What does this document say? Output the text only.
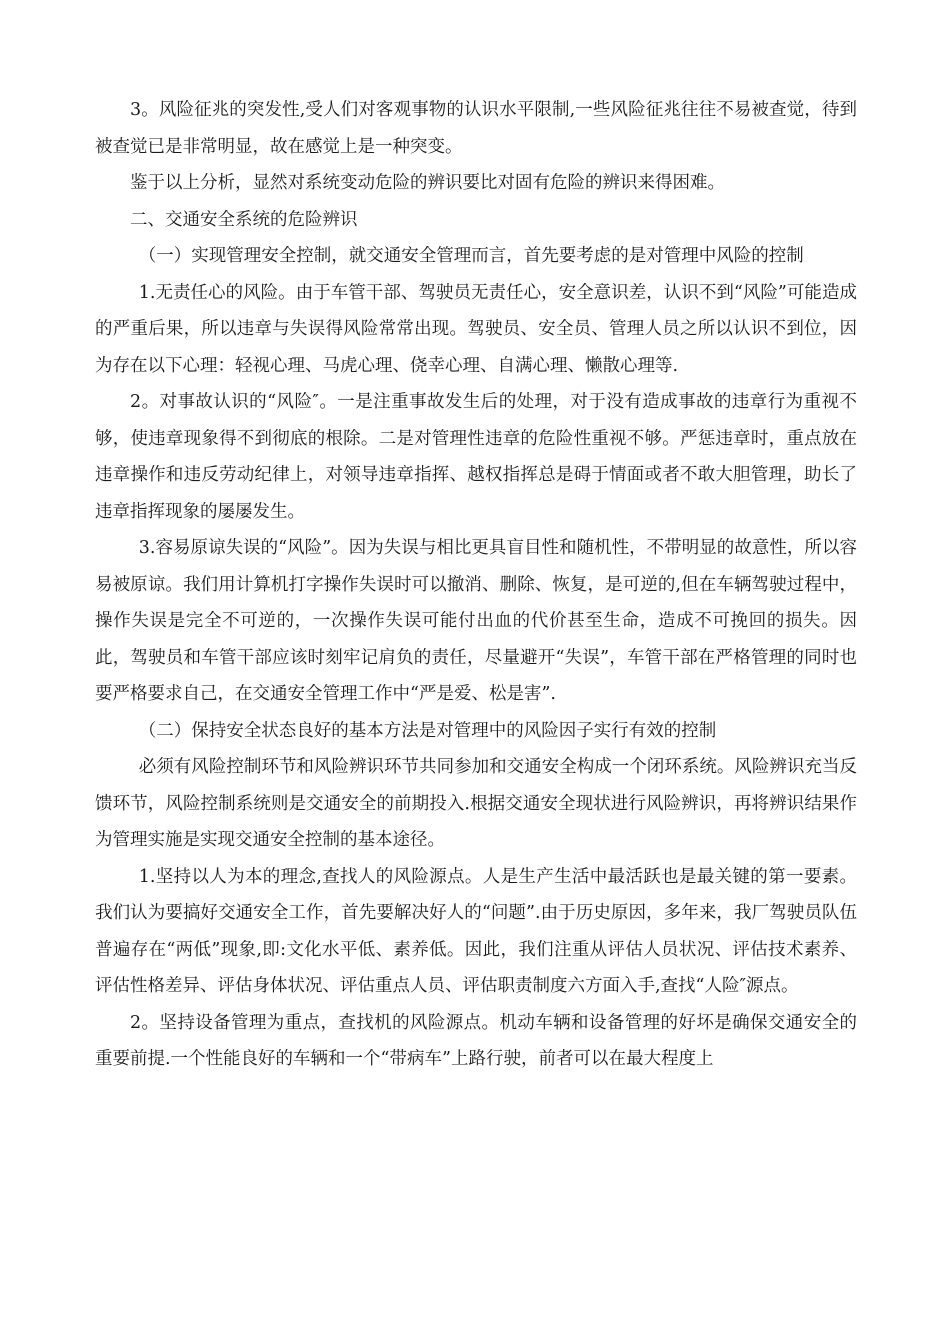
3。风险征兆的突发性,受人们对客观事物的认识水平限制,一些风险征兆往往不易被查觉，待到被查觉已是非常明显，故在感觉上是一种突变。

鉴于以上分析，显然对系统变动危险的辨识要比对固有危险的辨识来得困难。

二、交通安全系统的危险辨识

（一）实现管理安全控制，就交通安全管理而言，首先要考虑的是对管理中风险的控制

1.无责任心的风险。由于车管干部、驾驶员无责任心，安全意识差，认识不到“风险”可能造成的严重后果，所以违章与失误得风险常常出现。驾驶员、安全员、管理人员之所以认识不到位，因为存在以下心理：轻视心理、马虎心理、侥幸心理、自满心理、懒散心理等.

2。对事故认识的“风险″。一是注重事故发生后的处理，对于没有造成事故的违章行为重视不够，使违章现象得不到彻底的根除。二是对管理性违章的危险性重视不够。严惩违章时，重点放在违章操作和违反劳动纪律上，对领导违章指挥、越权指挥总是碍于情面或者不敢大胆管理，助长了违章指挥现象的屡屡发生。

3.容易原谅失误的“风险”。因为失误与相比更具盲目性和随机性，不带明显的故意性，所以容易被原谅。我们用计算机打字操作失误时可以撤消、删除、恢复，是可逆的,但在车辆驾驶过程中，操作失误是完全不可逆的，一次操作失误可能付出血的代价甚至生命，造成不可挽回的损失。因此，驾驶员和车管干部应该时刻牢记肩负的责任，尽量避开“失误”，车管干部在严格管理的同时也要严格要求自己，在交通安全管理工作中“严是爱、松是害”.

（二）保持安全状态良好的基本方法是对管理中的风险因子实行有效的控制

必须有风险控制环节和风险辨识环节共同参加和交通安全构成一个闭环系统。风险辨识充当反馈环节，风险控制系统则是交通安全的前期投入.根据交通安全现状进行风险辨识，再将辨识结果作为管理实施是实现交通安全控制的基本途径。

1.坚持以人为本的理念,查找人的风险源点。人是生产生活中最活跃也是最关键的第一要素。我们认为要搞好交通安全工作，首先要解决好人的“问题”.由于历史原因，多年来，我厂驾驶员队伍普遍存在“两低”现象,即:文化水平低、素养低。因此，我们注重从评估人员状况、评估技术素养、评估性格差异、评估身体状况、评估重点人员、评估职责制度六方面入手,查找“人险″源点。

2。坚持设备管理为重点，查找机的风险源点。机动车辆和设备管理的好坏是确保交通安全的重要前提.一个性能良好的车辆和一个“带病车”上路行驶，前者可以在最大程度上
